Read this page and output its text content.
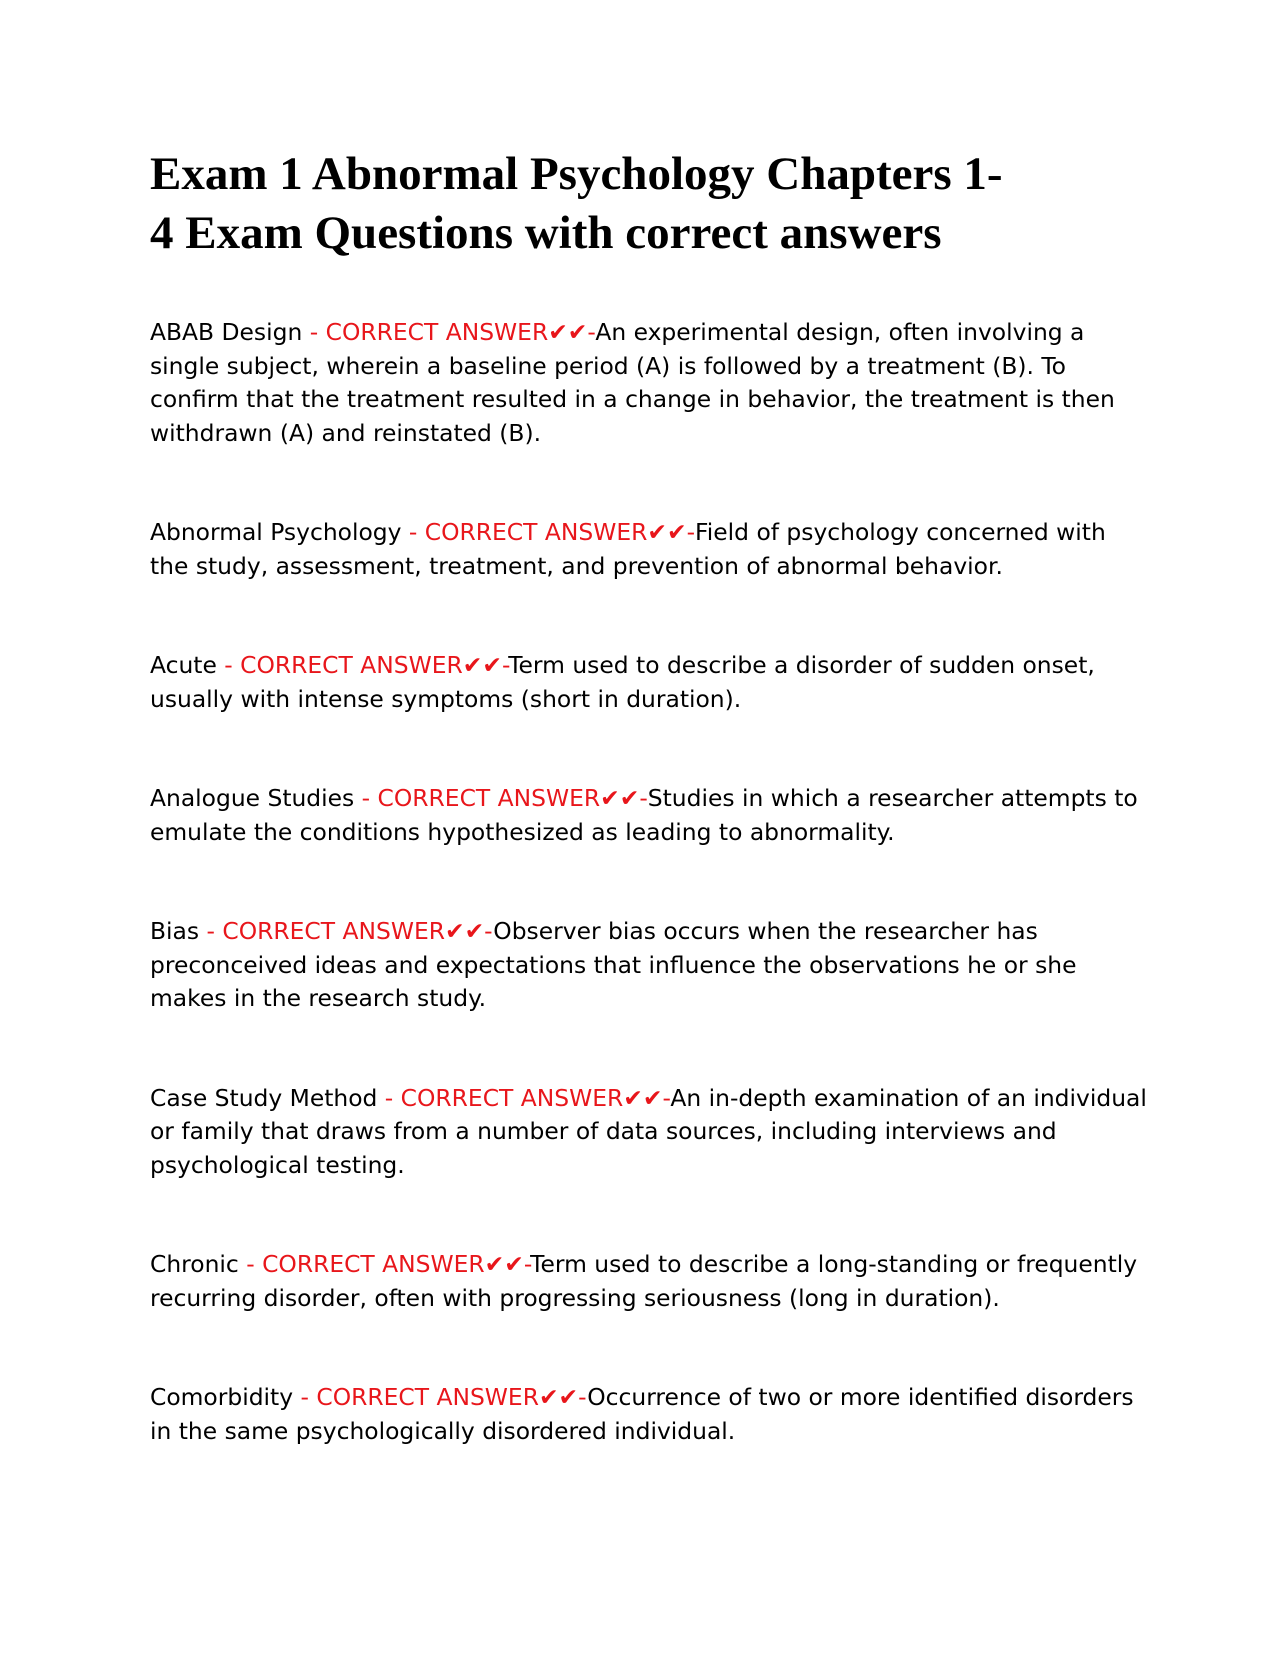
Exam 1 Abnormal Psychology Chapters 1-
4 Exam Questions with correct answers

ABAB Design - CORRECT ANSWER✔✔-An experimental design, often involving a single subject, wherein a baseline period (A) is followed by a treatment (B). To confirm that the treatment resulted in a change in behavior, the treatment is then withdrawn (A) and reinstated (B).

Abnormal Psychology - CORRECT ANSWER✔✔-Field of psychology concerned with the study, assessment, treatment, and prevention of abnormal behavior.

Acute - CORRECT ANSWER✔✔-Term used to describe a disorder of sudden onset, usually with intense symptoms (short in duration).

Analogue Studies - CORRECT ANSWER✔✔-Studies in which a researcher attempts to emulate the conditions hypothesized as leading to abnormality.

Bias - CORRECT ANSWER✔✔-Observer bias occurs when the researcher has preconceived ideas and expectations that influence the observations he or she makes in the research study.

Case Study Method - CORRECT ANSWER✔✔-An in-depth examination of an individual or family that draws from a number of data sources, including interviews and psychological testing.

Chronic - CORRECT ANSWER✔✔-Term used to describe a long-standing or frequently recurring disorder, often with progressing seriousness (long in duration).

Comorbidity - CORRECT ANSWER✔✔-Occurrence of two or more identified disorders in the same psychologically disordered individual.
